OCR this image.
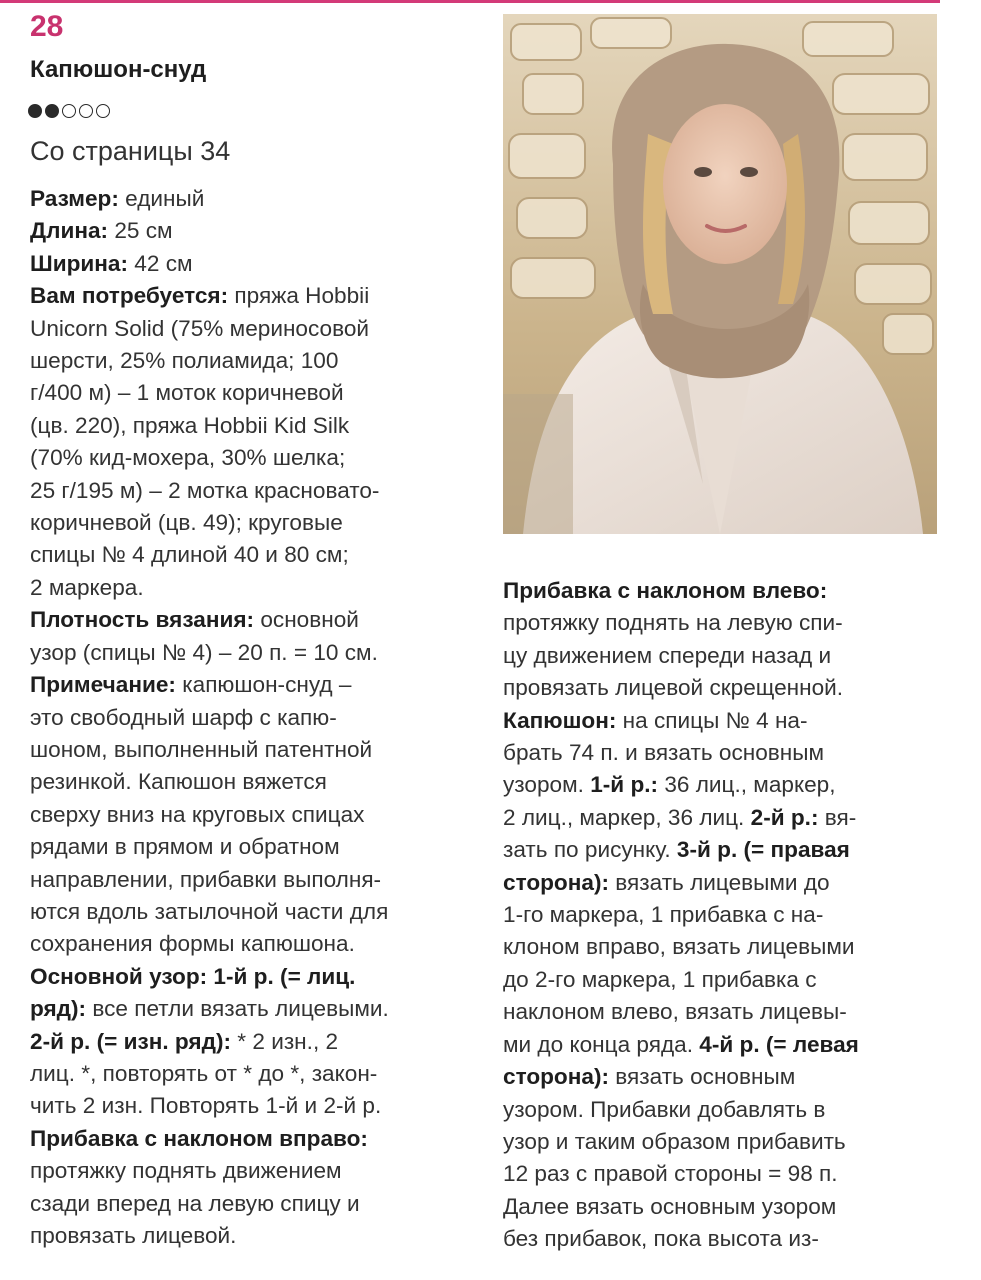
28
Капюшон-снуд
Со страницы 34

Размер: единый

Длина: 25 см

Ширина: 42 см

Вам потребуется: пряжа Hobbii

Unicorn Solid (75% мериносовой

шерсти, 25% полиамида; 100

г/400 м) – 1 моток коричневой

(цв. 220), пряжа Hobbii Kid Silk

(70% кид-мохера, 30% шелка;

25 г/195 м) – 2 мотка красновато-

коричневой (цв. 49); круговые

спицы № 4 длиной 40 и 80 см;

2 маркера.

Плотность вязания: основной

узор (спицы № 4) – 20 п. = 10 см.

Примечание: капюшон-снуд –

это свободный шарф с капю-

шоном, выполненный патентной

резинкой. Капюшон вяжется

сверху вниз на круговых спицах

рядами в прямом и обратном

направлении, прибавки выполня-

ются вдоль затылочной части для

сохранения формы капюшона.

Основной узор: 1-й р. (= лиц.

ряд): все петли вязать лицевыми.

2-й р. (= изн. ряд): * 2 изн., 2

лиц. *, повторять от * до *, закон-

чить 2 изн. Повторять 1-й и 2-й р.

Прибавка с наклоном вправо:

протяжку поднять движением

сзади вперед на левую спицу и

провязать лицевой.

Прибавка с наклоном влево:

протяжку поднять на левую спи-

цу движением спереди назад и

провязать лицевой скрещенной.

Капюшон: на спицы № 4 на-

брать 74 п. и вязать основным

узором. 1-й р.: 36 лиц., маркер,

2 лиц., маркер, 36 лиц. 2-й р.: вя-

зать по рисунку. 3-й р. (= правая

сторона): вязать лицевыми до

1-го маркера, 1 прибавка с на-

клоном вправо, вязать лицевыми

до 2-го маркера, 1 прибавка с

наклоном влево, вязать лицевы-

ми до конца ряда. 4-й р. (= левая

сторона): вязать основным

узором. Прибавки добавлять в

узор и таким образом прибавить

12 раз с правой стороны = 98 п.

Далее вязать основным узором

без прибавок, пока высота из-
